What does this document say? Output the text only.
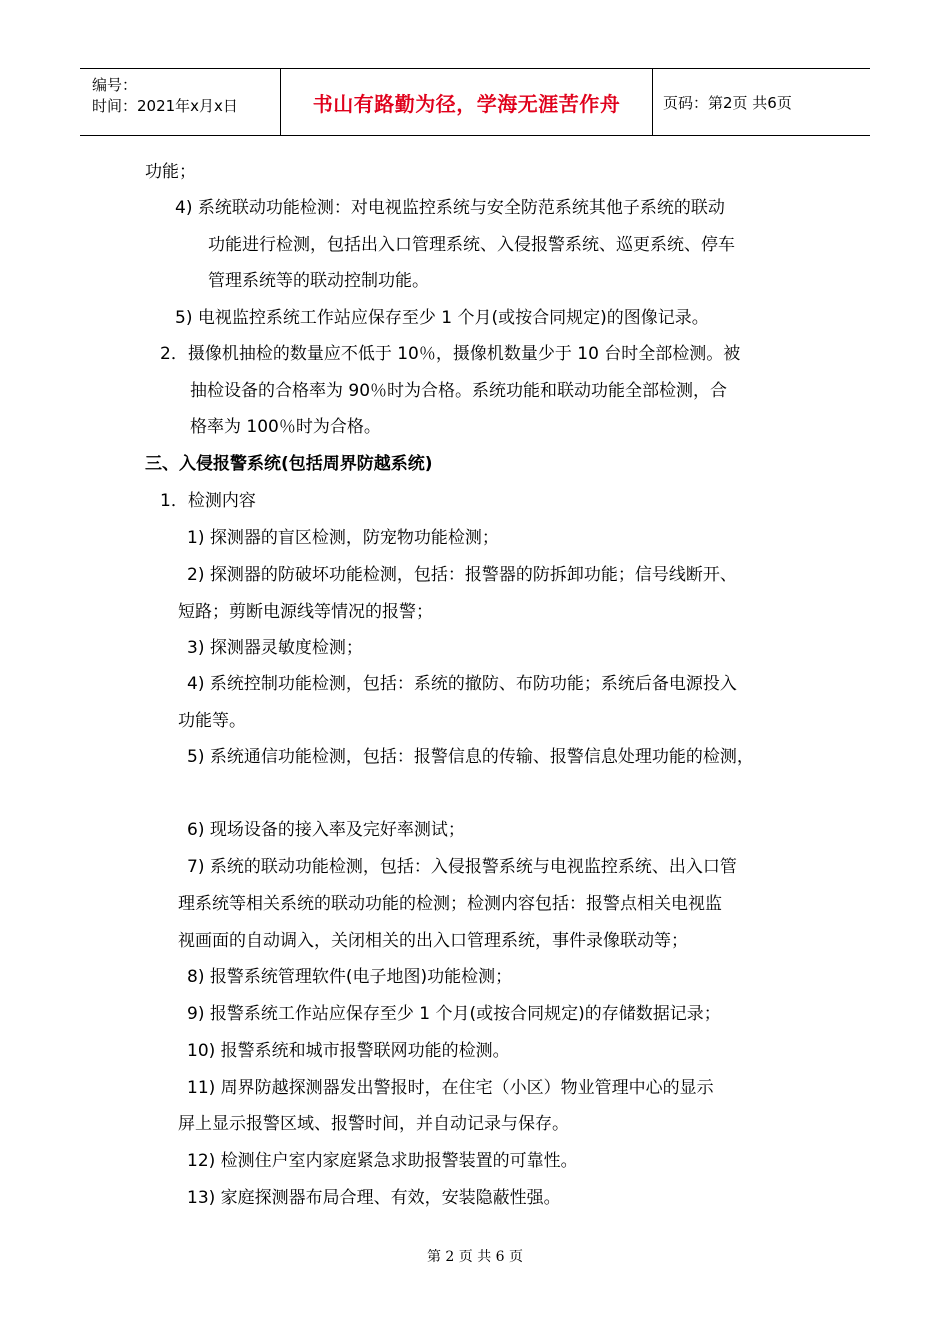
编号：
时间：2021年x月x日	书山有路勤为径，学海无涯苦作舟	页码：第2页 共6页
功能；
4) 系统联动功能检测：对电视监控系统与安全防范系统其他子系统的联动
功能进行检测，包括出入口管理系统、入侵报警系统、巡更系统、停车
管理系统等的联动控制功能。
5) 电视监控系统工作站应保存至少 1 个月(或按合同规定)的图像记录。
2．摄像机抽检的数量应不低于 10％，摄像机数量少于 10 台时全部检测。被
抽检设备的合格率为 90％时为合格。系统功能和联动功能全部检测，合
格率为 100％时为合格。
三、入侵报警系统(包括周界防越系统)
1．检测内容
1) 探测器的盲区检测，防宠物功能检测；
2) 探测器的防破坏功能检测，包括：报警器的防拆卸功能；信号线断开、
短路；剪断电源线等情况的报警；
3) 探测器灵敏度检测；
4) 系统控制功能检测，包括：系统的撤防、布防功能；系统后备电源投入
功能等。
5) 系统通信功能检测，包括：报警信息的传输、报警信息处理功能的检测，
6) 现场设备的接入率及完好率测试；
7) 系统的联动功能检测，包括：入侵报警系统与电视监控系统、出入口管
理系统等相关系统的联动功能的检测；检测内容包括：报警点相关电视监
视画面的自动调入，关闭相关的出入口管理系统，事件录像联动等；
8) 报警系统管理软件(电子地图)功能检测；
9) 报警系统工作站应保存至少 1 个月(或按合同规定)的存储数据记录；
10) 报警系统和城市报警联网功能的检测。
11) 周界防越探测器发出警报时，在住宅（小区）物业管理中心的显示
屏上显示报警区域、报警时间，并自动记录与保存。
12) 检测住户室内家庭紧急求助报警装置的可靠性。
13) 家庭探测器布局合理、有效，安装隐蔽性强。
第 2 页 共 6 页
